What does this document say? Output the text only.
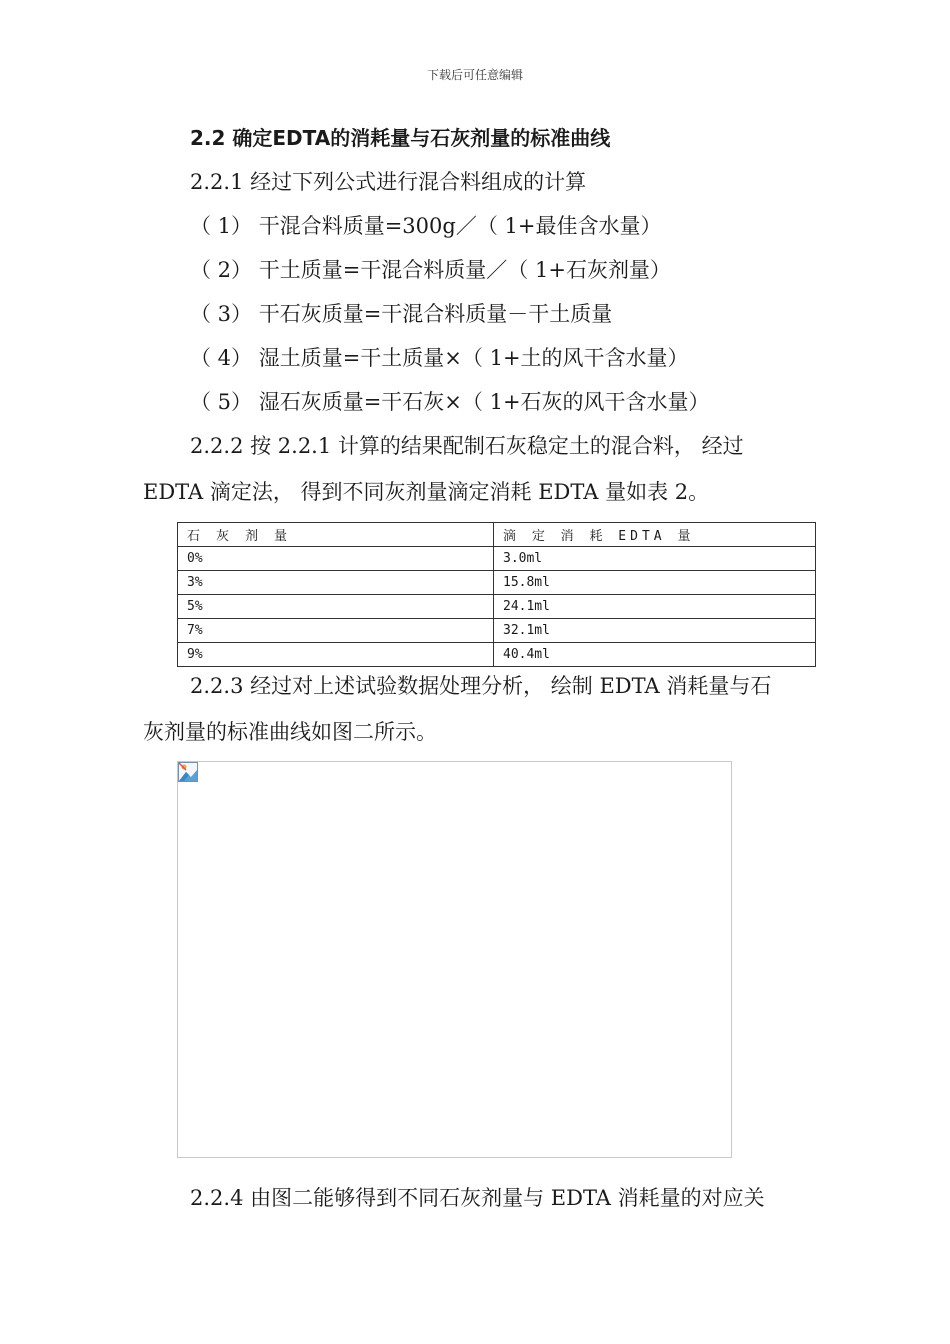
下载后可任意编辑
2.2 确定EDTA的消耗量与石灰剂量的标准曲线
2.2.1 经过下列公式进行混合料组成的计算
（ 1） 干混合料质量=300g／（ 1+最佳含水量）
（ 2） 干土质量=干混合料质量／（ 1+石灰剂量）
（ 3） 干石灰质量=干混合料质量－干土质量
（ 4） 湿土质量=干土质量×（ 1+土的风干含水量）
（ 5） 湿石灰质量=干石灰×（ 1+石灰的风干含水量）
2.2.2 按 2.2.1 计算的结果配制石灰稳定土的混合料， 经过
EDTA 滴定法， 得到不同灰剂量滴定消耗 EDTA 量如表 2。
石灰剂量	滴 定 消 耗 EDTA 量
0%	3.0ml
3%	15.8ml
5%	24.1ml
7%	32.1ml
9%	40.4ml
2.2.3 经过对上述试验数据处理分析， 绘制 EDTA 消耗量与石
灰剂量的标准曲线如图二所示。
2.2.4 由图二能够得到不同石灰剂量与 EDTA 消耗量的对应关
